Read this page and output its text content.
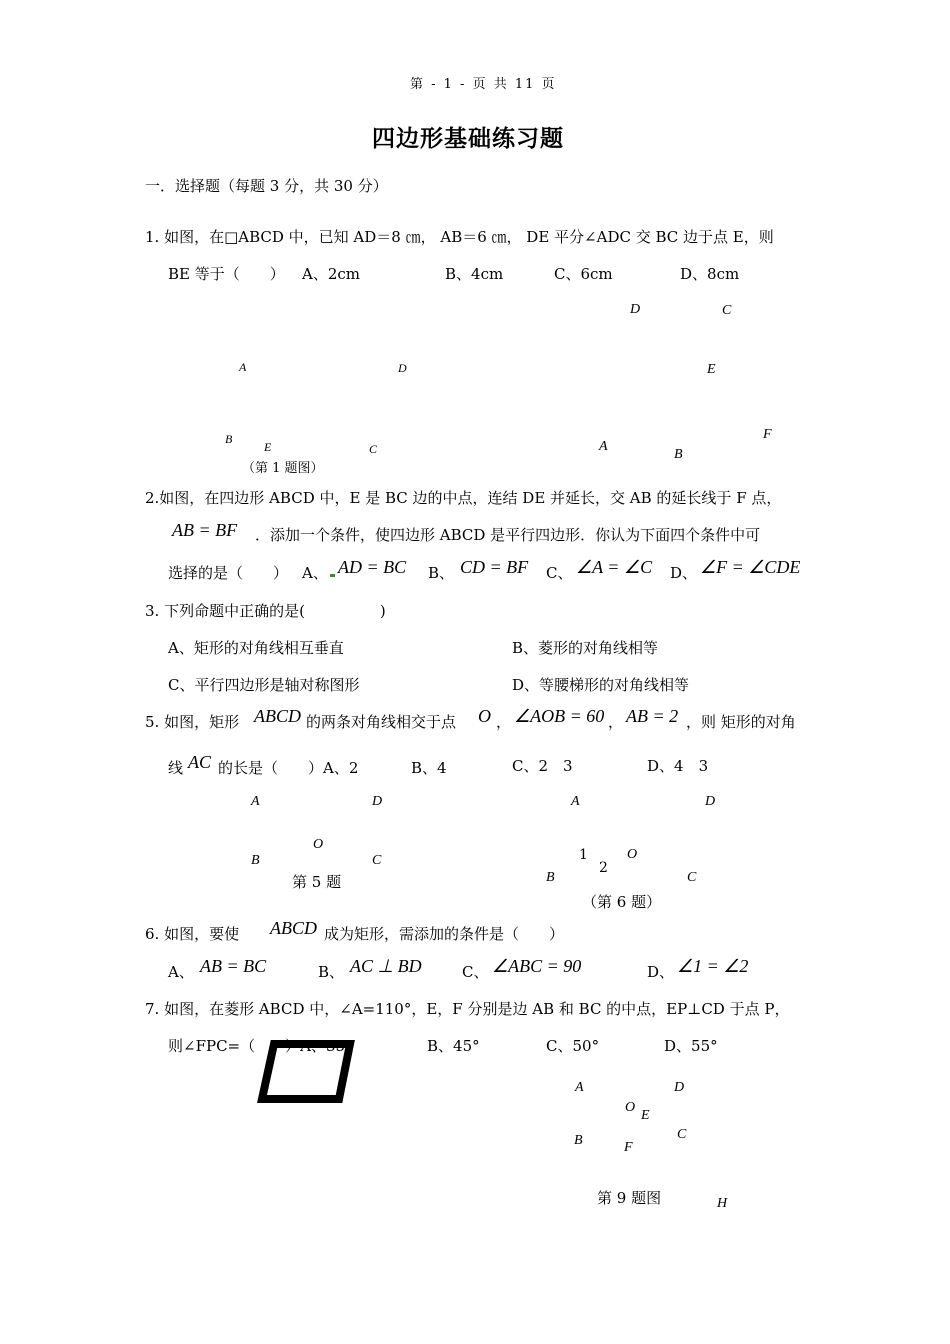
第 - 1 - 页 共 11 页
四边形基础练习题
一．选择题（每题 3 分，共 30 分）
1. 如图，在□ABCD 中，已知 AD＝8 ㎝， AB＝6 ㎝， DE 平分∠ADC 交 BC 边于点 E，则
BE 等于（　　） A、2cm	B、4cm	C、6cm	D、8cm
A	D
B
E	C
（第 1 题图）
D	C
E
A
B
F
2.如图，在四边形 ABCD 中，E 是 BC 边的中点，连结 DE 并延长，交 AB 的延长线于 F 点，
AB = BF ．添加一个条件，使四边形 ABCD 是平行四边形．你认为下面四个条件中可
选择的是（　　） A、 AD = BC B、 CD = BF C、 ∠A = ∠C D、 ∠F = ∠CDE
3. 下列命题中正确的是(　　　　　)
A、矩形的对角线相互垂直	B、菱形的对角线相等
C、平行四边形是轴对称图形	D、等腰梯形的对角线相等
5. 如图，矩形 ABCD 的两条对角线相交于点 O ， ∠AOB = 60 ， AB = 2 ，则 矩形的对角
线 AC 的长是（　　）A、2	B、4	C、2　3	D、4　3
A	D
O
B	C
第 5 题
A	D
1
2
O
B	C
（第 6 题）
6. 如图，要使 ABCD 成为矩形，需添加的条件是（　　）
A、 AB = BC	B、 AC ⊥ BD	C、 ∠ABC = 90	D、 ∠1 = ∠2
7. 如图，在菱形 ABCD 中，∠A=110°，E，F 分别是边 AB 和 BC 的中点，EP⊥CD 于点 P，
则∠FPC=（　　）A、35°	B、45°	C、50°	D、55°
A	D
O
E
B	C
F
第 9 题图	H
